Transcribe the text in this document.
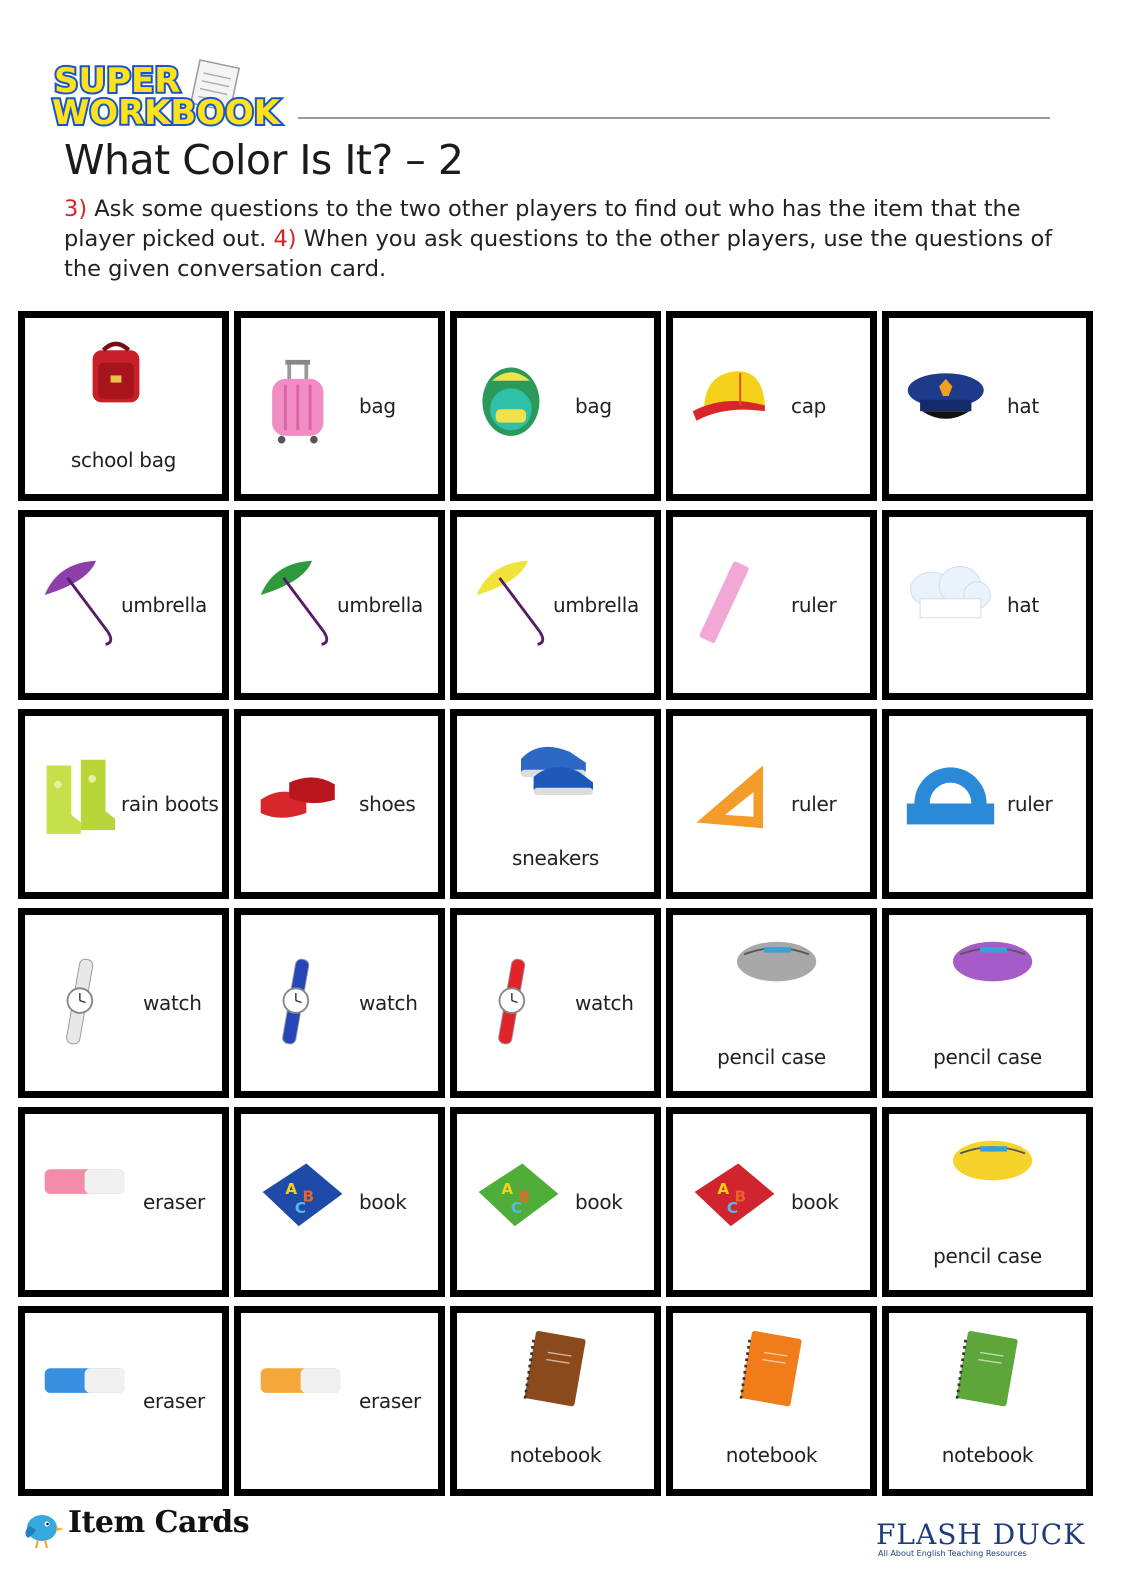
SUPER
WORKBOOK
What Color Is It? – 2

3) Ask some questions to the two other players to find out who has the item that the player picked out. 4) When you ask questions to the other players, use the questions of the given conversation card.

school bag
bag	bag	cap	hat
umbrella	umbrella	umbrella	ruler	hat
rain boots	shoes
sneakers
ruler	ruler
watch	watch	watch
pencil case	pencil case
eraser
A B
C	book
A B
C	book
A B
C	book
pencil case
eraser	eraser
notebook	notebook	notebook
Item Cards	FLASH DUCK
All About English Teaching Resources
